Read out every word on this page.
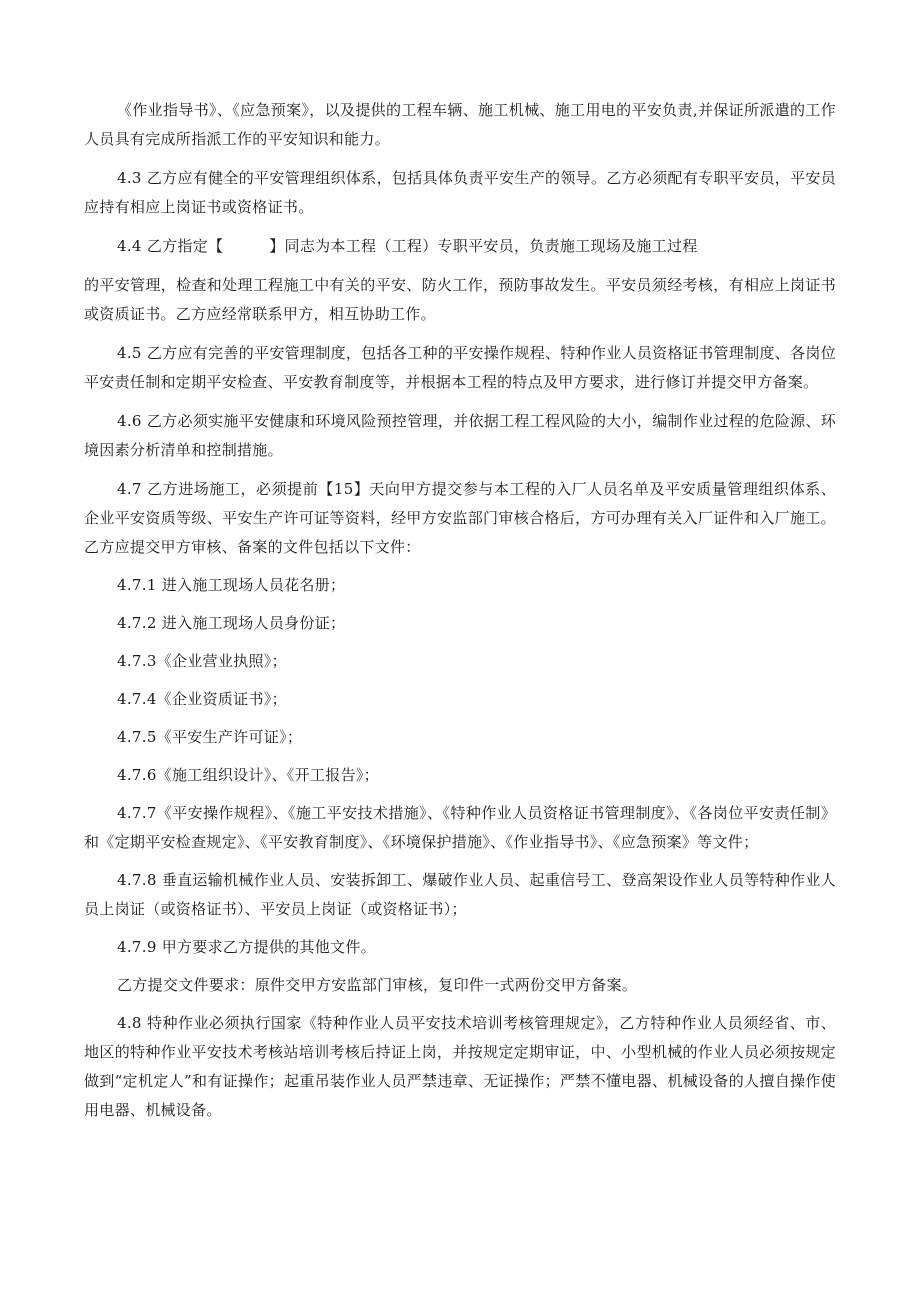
《作业指导书》、《应急预案》，以及提供的工程车辆、施工机械、施工用电的平安负责,并保证所派遣的工作人员具有完成所指派工作的平安知识和能力。

4.3 乙方应有健全的平安管理组织体系，包括具体负责平安生产的领导。乙方必须配有专职平安员，平安员应持有相应上岗证书或资格证书。

4.4 乙方指定【　　　】同志为本工程（工程）专职平安员，负责施工现场及施工过程

的平安管理，检查和处理工程施工中有关的平安、防火工作，预防事故发生。平安员须经考核，有相应上岗证书或资质证书。乙方应经常联系甲方，相互协助工作。

4.5 乙方应有完善的平安管理制度，包括各工种的平安操作规程、特种作业人员资格证书管理制度、各岗位平安责任制和定期平安检查、平安教育制度等，并根据本工程的特点及甲方要求，进行修订并提交甲方备案。

4.6 乙方必须实施平安健康和环境风险预控管理，并依据工程工程风险的大小，编制作业过程的危险源、环境因素分析清单和控制措施。

4.7 乙方进场施工，必须提前【15】天向甲方提交参与本工程的入厂人员名单及平安质量管理组织体系、企业平安资质等级、平安生产许可证等资料，经甲方安监部门审核合格后，方可办理有关入厂证件和入厂施工。乙方应提交甲方审核、备案的文件包括以下文件：

4.7.1 进入施工现场人员花名册；

4.7.2 进入施工现场人员身份证；

4.7.3《企业营业执照》；

4.7.4《企业资质证书》；

4.7.5《平安生产许可证》；

4.7.6《施工组织设计》、《开工报告》；

4.7.7《平安操作规程》、《施工平安技术措施》、《特种作业人员资格证书管理制度》、《各岗位平安责任制》和《定期平安检查规定》、《平安教育制度》、《环境保护措施》、《作业指导书》、《应急预案》等文件；

4.7.8 垂直运输机械作业人员、安装拆卸工、爆破作业人员、起重信号工、登高架设作业人员等特种作业人员上岗证（或资格证书）、平安员上岗证（或资格证书）；

4.7.9 甲方要求乙方提供的其他文件。

乙方提交文件要求：原件交甲方安监部门审核，复印件一式两份交甲方备案。

4.8 特种作业必须执行国家《特种作业人员平安技术培训考核管理规定》，乙方特种作业人员须经省、市、地区的特种作业平安技术考核站培训考核后持证上岗，并按规定定期审证，中、小型机械的作业人员必须按规定做到“定机定人”和有证操作；起重吊装作业人员严禁违章、无证操作；严禁不懂电器、机械设备的人擅自操作使用电器、机械设备。
